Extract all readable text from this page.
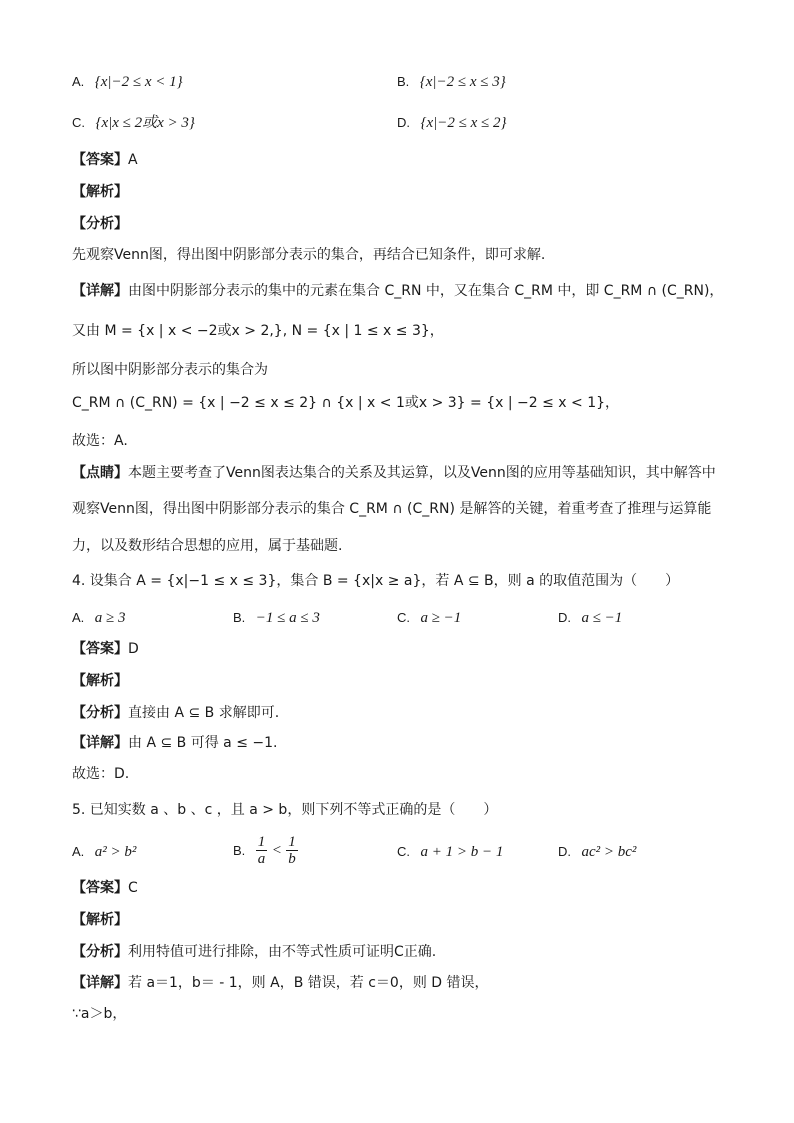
A. {x|−2 ≤ x < 1}	B. {x|−2 ≤ x ≤ 3}
C. {x|x ≤ 2或x > 3}	D. {x|−2 ≤ x ≤ 2}
【答案】A
【解析】
【分析】
先观察Venn图，得出图中阴影部分表示的集合，再结合已知条件，即可求解.
【详解】由图中阴影部分表示的集中的元素在集合 C_RN 中，又在集合 C_RM 中，即 C_RM ∩ (C_RN)，
又由 M = {x | x < −2或x > 2,}, N = {x | 1 ≤ x ≤ 3}，
所以图中阴影部分表示的集合为
C_RM ∩ (C_RN) = {x | −2 ≤ x ≤ 2} ∩ {x | x < 1或x > 3} = {x | −2 ≤ x < 1}，
故选：A.
【点睛】本题主要考查了Venn图表达集合的关系及其运算，以及Venn图的应用等基础知识，其中解答中
观察Venn图，得出图中阴影部分表示的集合 C_RM ∩ (C_RN) 是解答的关键，着重考查了推理与运算能
力，以及数形结合思想的应用，属于基础题.
4. 设集合 A = {x|−1 ≤ x ≤ 3}，集合 B = {x|x ≥ a}，若 A ⊆ B，则 a 的取值范围为（　　）
A. a ≥ 3	B. −1 ≤ a ≤ 3	C. a ≥ −1	D. a ≤ −1
【答案】D
【解析】
【分析】直接由 A ⊆ B 求解即可.
【详解】由 A ⊆ B 可得 a ≤ −1.
故选：D.
5. 已知实数 a 、b 、c ，且 a > b，则下列不等式正确的是（　　）
A. a² > b²	B. $\frac{1}{a} < \frac{1}{b}$	C. a + 1 > b − 1	D. ac² > bc²
【答案】C
【解析】
【分析】利用特值可进行排除，由不等式性质可证明C正确.
【详解】若 a＝1，b＝ - 1，则 A，B 错误，若 c＝0，则 D 错误，
∵a＞b，
